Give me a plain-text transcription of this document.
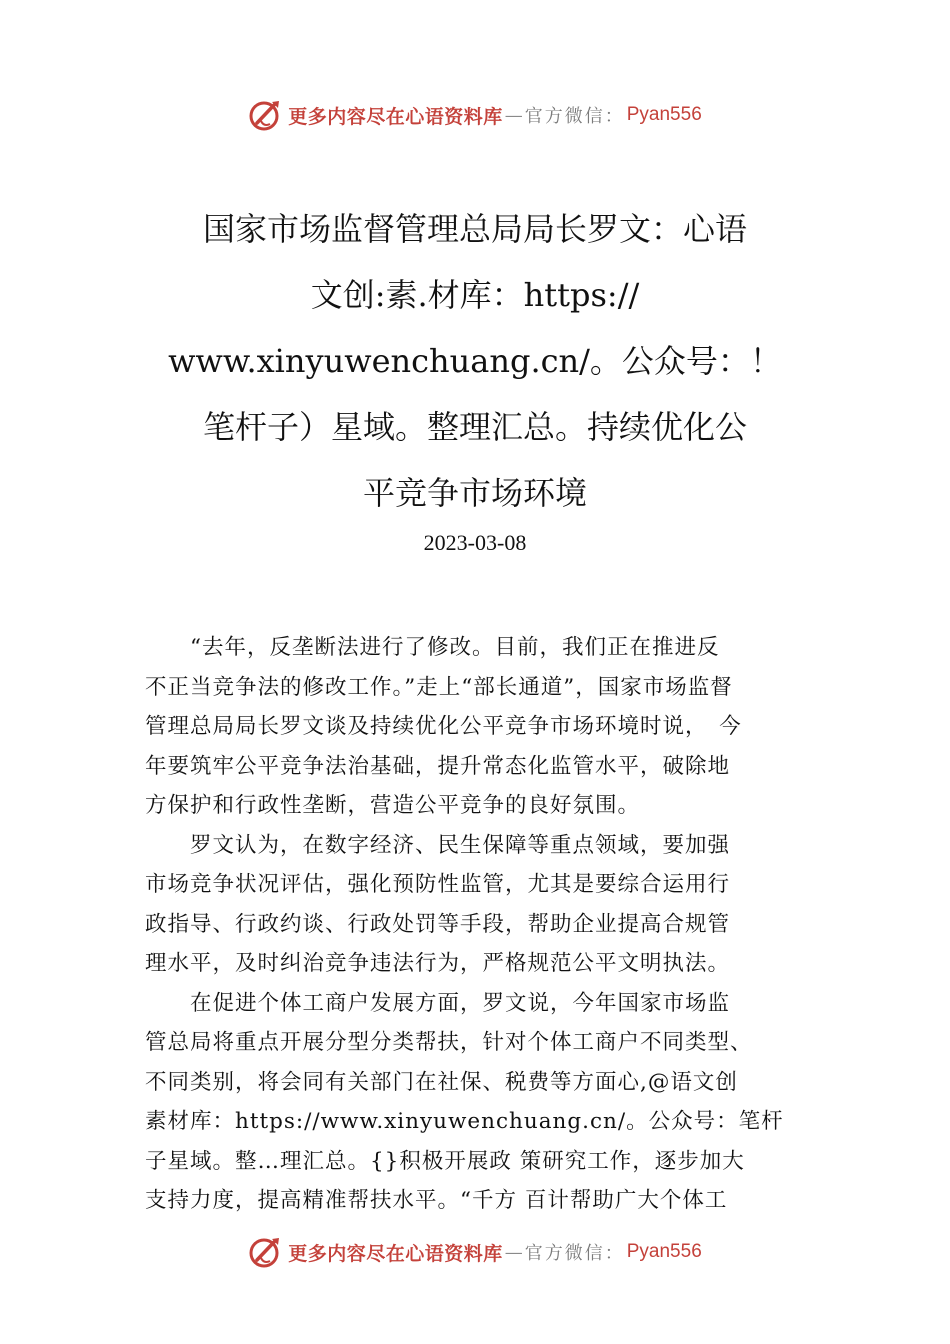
更多内容尽在心语资料库 — 官方微信： Pyan556
国家市场监督管理总局局长罗文：心语
文创:素.材库：https://
www.xinyuwenchuang.cn/。公众号：！
笔杆子）星域。整理汇总。持续优化公
平竞争市场环境
2023-03-08
　　“去年，反垄断法进行了修改。目前，我们正在推进反
不正当竞争法的修改工作。”走上“部长通道”，国家市场监督
管理总局局长罗文谈及持续优化公平竞争市场环境时说，　今
年要筑牢公平竞争法治基础，提升常态化监管水平，破除地
方保护和行政性垄断，营造公平竞争的良好氛围。
　　罗文认为，在数字经济、民生保障等重点领域，要加强
市场竞争状况评估，强化预防性监管，尤其是要综合运用行
政指导、行政约谈、行政处罚等手段，帮助企业提高合规管
理水平，及时纠治竞争违法行为，严格规范公平文明执法。
　　在促进个体工商户发展方面，罗文说，今年国家市场监
管总局将重点开展分型分类帮扶，针对个体工商户不同类型、
不同类别，将会同有关部门在社保、税费等方面心,@语文创
素材库：https://www.xinyuwenchuang.cn/。公众号：笔杆
子星域。整…理汇总。{}积极开展政 策研究工作，逐步加大
支持力度，提高精准帮扶水平。“千方 百计帮助广大个体工
更多内容尽在心语资料库 — 官方微信： Pyan556
